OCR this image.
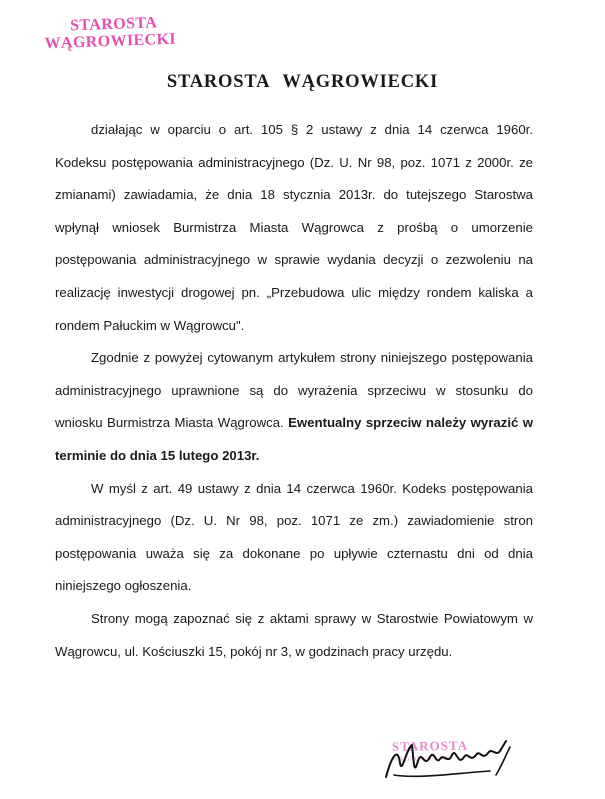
STAROSTA
WĄGROWIECKI
STAROSTA WĄGROWIECKI

działając w oparciu o art. 105 § 2 ustawy z dnia 14 czerwca 1960r. Kodeksu postępowania administracyjnego (Dz. U. Nr 98, poz. 1071 z 2000r. ze zmianami) zawiadamia, że dnia 18 stycznia 2013r. do tutejszego Starostwa wpłynął wniosek Burmistrza Miasta Wągrowca z prośbą o umorzenie postępowania administracyjnego w sprawie wydania decyzji o zezwoleniu na realizację inwestycji drogowej pn. „Przebudowa ulic między rondem kaliska a rondem Pałuckim w Wągrowcu".

Zgodnie z powyżej cytowanym artykułem strony niniejszego postępowania administracyjnego uprawnione są do wyrażenia sprzeciwu w stosunku do wniosku Burmistrza Miasta Wągrowca. Ewentualny sprzeciw należy wyrazić w terminie do dnia 15 lutego 2013r.

W myśl z art. 49 ustawy z dnia 14 czerwca 1960r. Kodeks postępowania administracyjnego (Dz. U. Nr 98, poz. 1071 ze zm.) zawiadomienie stron postępowania uważa się za dokonane po upływie czternastu dni od dnia niniejszego ogłoszenia.

Strony mogą zapoznać się z aktami sprawy w Starostwie Powiatowym w Wągrowcu, ul. Kościuszki 15, pokój nr 3, w godzinach pracy urzędu.

STAROSTA
WĄGROWIECKI
